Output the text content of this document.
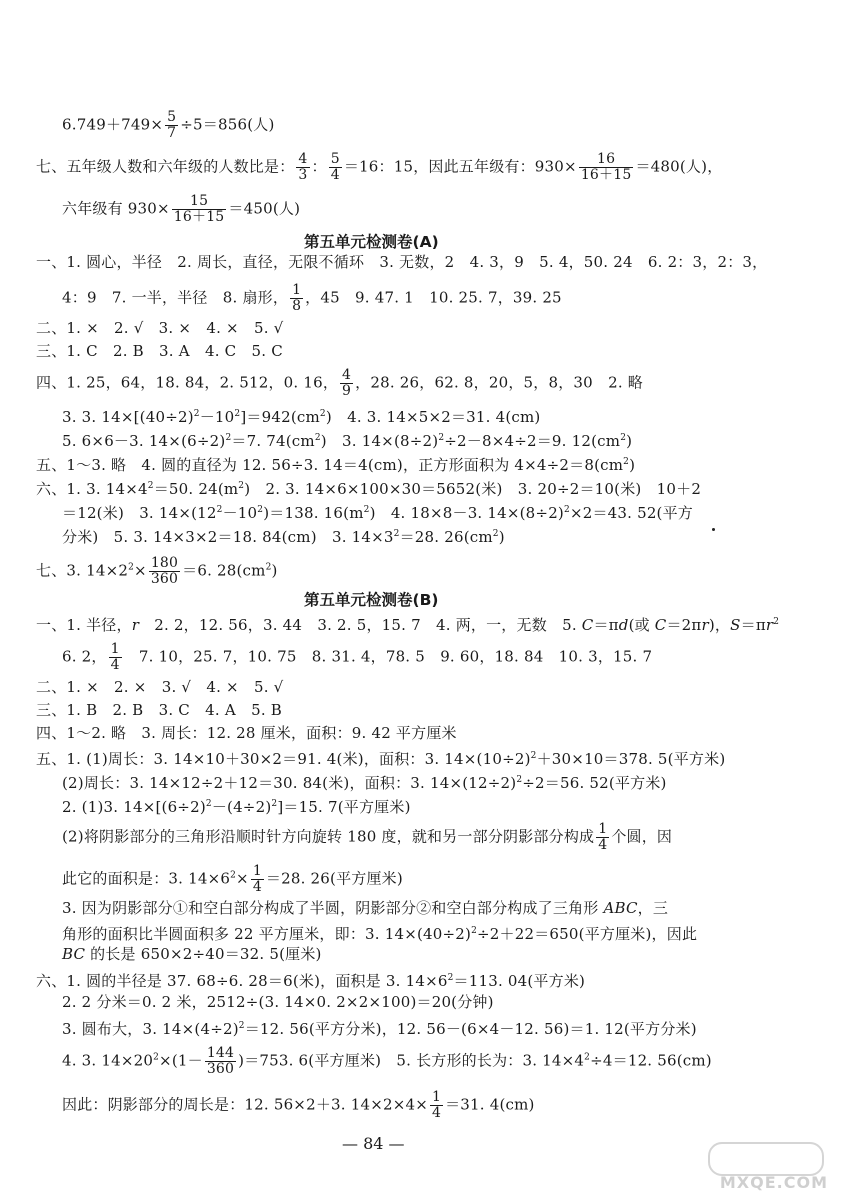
$6.749+749\times \frac{5}{7} \div 5=856$(人)
七、五年级人数和六年级的人数比是： $\frac{4}{3}$ ： $\frac{5}{4} =16$：15，因此五年级有：$930\times \frac{16}{16+15} =480$(人)，
六年级有 $930\times \frac{15}{16+15} =450$(人)
第五单元检测卷(A)
一、1. 圆心，半径　2. 周长，直径，无限不循环　3. 无数，2　4. 3，9　5. 4，50. 24　6. 2：3，2：3，
4：9　7. 一半，半径　8. 扇形， $\frac{1}{8}$ ，45　9. 47. 1　10. 25. 7，39. 25
二、1. ×　2. √　3. ×　4. ×　5. √
三、1. C　2. B　3. A　4. C　5. C
四、1. 25，64，18. 84，2. 512，0. 16， $\frac{4}{9}$ ，28. 26，62. 8，20，5，8，30　2. 略
3. 3. $14\times[(40\div 2)^2-10^2]=942(cm^2)$　4. 3. 14×5×2＝31. 4(cm)
5. 6×6－3. $14\times(6\div 2)^2=7$. $74(cm^2)$　3. $14\times(8\div 2)^2\div 2-8\times 4\div 2=9$. $12(cm^2)$
五、1～3. 略　4. 圆的直径为 12. 56÷3. 14＝4(cm)，正方形面积为 $4\times 4\div 2=8(cm^2)$
六、1. 3. $14\times 4^2=50$. $24(m^2)$　2. 3. 14×6×100×30＝5652(米)　3. 20÷2＝10(米)　10＋2
＝12(米)　3. $14\times(12^2-10^2)=138$. $16(m^2)$　4. 18×8－3. $14\times(8\div 2)^2\times 2=43$. 52(平方
分米)　5. 3. 14×3×2＝18. 84(cm)　3. $14\times 3^2=28$. $26(cm^2)$
七、3. $14\times 2^2\times \frac{180}{360} =6$. $28(cm^2)$
第五单元检测卷(B)
一、1. 半径，r　2. 2，12. 56，3. 44　3. 2. 5，15. 7　4. 两，一，无数　5. C＝πd(或 C＝2πr)，$S=\pi r^2$
6. 2， $\frac{1}{4}$ 　7. 10，25. 7，10. 75　8. 31. 4，78. 5　9. 60，18. 84　10. 3，15. 7
二、1. ×　2. ×　3. √　4. ×　5. √
三、1. B　2. B　3. C　4. A　5. B
四、1～2. 略　3. 周长：12. 28 厘米，面积：9. 42 平方厘米
五、1. (1)周长：3. 14×10＋30×2＝91. 4(米)，面积：3. $14\times(10\div 2)^2+30\times 10=378$. 5(平方米)
(2)周长：3. 14×12÷2＋12＝30. 84(米)，面积：3. $14\times(12\div 2)^2\div 2=56$. 52(平方米)
2. (1)3. $14\times[(6\div 2)^2-(4\div 2)^2]=15$. 7(平方厘米)
(2)将阴影部分的三角形沿顺时针方向旋转 180 度，就和另一部分阴影部分构成 $\frac{1}{4}$ 个圆，因
此它的面积是：3. $14\times 6^2\times \frac{1}{4} =28$. 26(平方厘米)
3. 因为阴影部分①和空白部分构成了半圆，阴影部分②和空白部分构成了三角形 ABC，三
角形的面积比半圆面积多 22 平方厘米，即：3. $14\times(40\div 2)^2\div 2+22=650$(平方厘米)，因此
BC 的长是 650×2÷40＝32. 5(厘米)
六、1. 圆的半径是 37. 68÷6. 28＝6(米)，面积是 3. $14\times 6^2=113$. 04(平方米)
2. 2 分米＝0. 2 米，2512÷(3. 14×0. 2×2×100)＝20(分钟)
3. 圆布大，3. $14\times(4\div 2)^2=12$. 56(平方分米)，12. 56－(6×4－12. 56)＝1. 12(平方分米)
4. 3. $14\times 20^2\times(1- \frac{144}{360} )=753$. 6(平方厘米)　5. 长方形的长为：3. $14\times 4^2\div 4=12$. 56(cm)
因此：阴影部分的周长是：12. 56×2＋3. $14\times 2\times 4\times \frac{1}{4} =31$. 4(cm)
— 84 —
MXQE.COM
